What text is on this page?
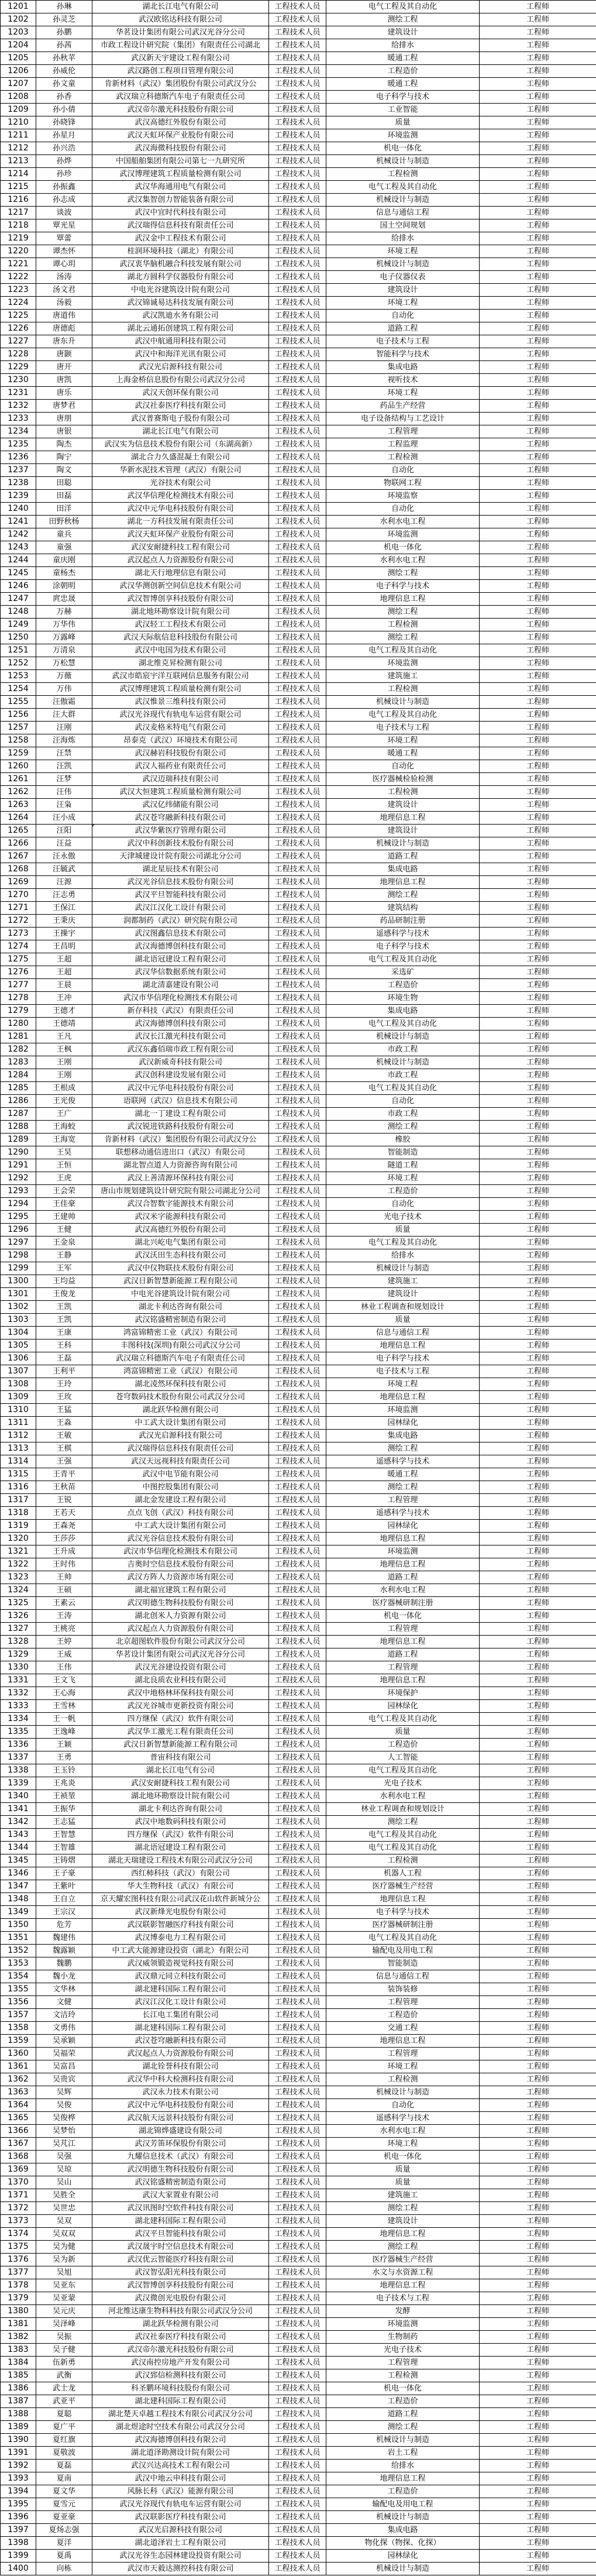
1201	孙琳	湖北长江电气有限公司	工程技术人员	电气工程及其自动化	工程师
1202	孙灵芝	武汉欧铭达科技有限公司	工程技术人员	测绘工程	工程师
1203	孙鹏	华茗设计集团有限公司武汉光谷分公司	工程技术人员	建筑设计	工程师
1204	孙茜	市政工程设计研究院（集团）有限责任公司湖北	工程技术人员	给排水	工程师
1205	孙秋苹	武汉新天宇建设工程有限公司	工程技术人员	暖通工程	工程师
1206	孙威伦	武汉路创工程项目管理有限公司	工程技术人员	工程造价	工程师
1207	孙文童	肯新材料（武汉）集团股份有限公司武汉分公	工程技术人员	暖通工程	工程师
1208	孙香	武汉瑞立科德斯汽车电子有限责任公司	工程技术人员	电子科学与技术	工程师
1209	孙小倩	武汉帝尔激光科技股份有限公司	工程技术人员	工业智能	工程师
1210	孙晓锋	武汉高德红外股份有限公司	工程技术人员	质量	工程师
1211	孙星月	武汉天虹环保产业股份有限公司	工程技术人员	环境监测	工程师
1212	孙兴浩	武汉海微科技股份有限公司	工程技术人员	机电一体化	工程师
1213	孙烨	中国船舶集团有限公司第七一九研究所	工程技术人员	机械设计与制造	工程师
1214	孙珍	武汉博理建筑工程质量检测有限公司	工程技术人员	工程检测	工程师
1215	孙振鑫	武汉华海通用电气有限公司	工程技术人员	电气工程及其自动化	工程师
1216	孙志成	武汉集智创力智能装备有限公司	工程技术人员	机械设计与制造	工程师
1217	谈波	武汉中宜时代科技有限公司	工程技术人员	信息与通信工程	工程师
1218	覃光星	武汉瑞得信息科技有限责任公司	工程技术人员	国土空间规划	工程师
1219	覃蕾	武汉金中工程技术有限公司	工程技术人员	给排水	工程师
1220	谭杰怀	桂润环境科技（湖北）有限公司	工程技术人员	环境工程	工程师
1221	谭心玥	武汉衷华脑机融合科技发展有限公司	工程技术人员	机械设计与制造	工程师
1222	汤涛	湖北方圆科学仪器股份有限公司	工程技术人员	电子仪器仪表	工程师
1223	汤文君	中电光谷建筑设计院有限公司	工程技术人员	建筑设计	工程师
1224	汤毅	武汉锦诚易达科技发展有限公司	工程技术人员	环境工程	工程师
1225	唐道伟	武汉凯迪水务有限公司	工程技术人员	自动化	工程师
1226	唐德彪	湖北云通拓创建筑工程有限公司	工程技术人员	道路工程	工程师
1227	唐东升	武汉中航通用科技有限公司	工程技术人员	电子技术与工程	工程师
1228	唐颢	武汉中和海洋光讯有限公司	工程技术人员	智能科学与技术	工程师
1229	唐开	武汉光启源科技有限公司	工程技术人员	集成电路	工程师
1230	唐凯	上海金桥信息股份有限公司武汉分公司	工程技术人员	视听技术	工程师
1231	唐乐	武汉天创环保有限公司	工程技术人员	环境工程	工程师
1232	唐梦君	武汉社泰医疗科技有限公司	工程技术人员	药品生产经营	工程师
1233	唐朋	武汉普赛斯电子股份有限公司	工程技术人员	电子设备结构与工艺设计	工程师
1234	唐银	湖北长江电气有限公司	工程技术人员	工程管理	工程师
1235	陶杰	武汉实为信息技术股份有限公司（东湖高新）	工程技术人员	工程监理	工程师
1236	陶宁	湖北合力久盛混凝土有限公司	工程技术人员	工程检测	工程师
1237	陶文	华新水泥技术管理（武汉）有限公司	工程技术人员	自动化	工程师
1238	田聪	光谷技术有限公司	工程技术人员	物联网工程	工程师
1239	田磊	武汉华信理化检测技术有限公司	工程技术人员	环境监察	工程师
1240	田洋	武汉中元华电科技股份有限公司	工程技术人员	自动化	工程师
1241	田野秋杨	湖北一方科技发展有限责任公司	工程技术人员	水利水电工程	工程师
1242	童兵	武汉天虹环保产业股份有限公司	工程技术人员	环境监测	工程师
1243	童强	武汉安耐捷科技工程有限公司	工程技术人员	机电一体化	工程师
1244	童庆刚	武汉起点人力资源股份有限公司	工程技术人员	水利水电工程	工程师
1245	童杨杰	湖北天行地理信息有限公司	工程技术人员	测绘工程	工程师
1246	涂朝明	武汉华测创新空间信息技术有限公司	工程技术人员	电子科学与技术	工程师
1247	庹忠晟	武汉智博创享科技股份有限公司	工程技术人员	地理信息工程	工程师
1248	万赫	湖北地环勘察设计院有限公司	工程技术人员	测绘工程	工程师
1249	万华伟	武汉轻工工程技术有限公司	工程技术人员	工程检测	工程师
1250	万露峰	武汉天际航信息科技股份有限公司	工程技术人员	测绘工程	工程师
1251	万清泉	武汉中电国为技术有限公司	工程技术人员	电气工程及其自动化	工程师
1252	万松慧	湖北维克昇检测有限公司	工程技术人员	环境监测	工程师
1253	万薇	武汉市皓宸宇洋互联网信息服务有限公司	工程技术人员	建筑施工	工程师
1254	万伟	武汉博理建筑工程质量检测有限公司	工程技术人员	工程检测	工程师
1255	汪傲霜	武汉惟景三维科技有限公司	工程技术人员	机械设计与制造	工程师
1256	汪大群	武汉光谷现代有轨电车运营有限公司	工程技术人员	电气工程及其自动化	工程师
1257	汪刚	武汉麦格米特电气有限公司	工程技术人员	电子技术与工程	工程师
1258	汪海炼	昂泰克（武汉）环境技术有限公司	工程技术人员	环境工程	工程师
1259	汪禁	武汉赫岩科技股份有限公司	工程技术人员	暖通工程	工程师
1260	汪凯	武汉人福药业有限责任公司	工程技术人员	自动化	工程师
1261	汪梦	武汉迈瑞科技有限公司	工程技术人员	医疗器械检验检测	工程师
1262	汪伟	武汉大恒建筑工程质量检测有限公司	工程技术人员	工程检测	工程师
1263	汪枭	武汉亿纬储能有限公司	工程技术人员	建筑设计	工程师
1264	汪小成	武汉苍穹融新科技有限公司	工程技术人员	地理信息工程	工程师
1265	汪阳	武汉华紫医疗管理有限公司	工程技术人员	建筑设计	工程师
1266	汪益	武汉中科创新技术股份有限公司	工程技术人员	机械设计与制造	工程师
1267	汪永傲	天津城建设计院有限公司湖北分公司	工程技术人员	道路工程	工程师
1268	汪毓武	湖北星辰技术有限公司	工程技术人员	集成电路	工程师
1269	汪源	武汉光谷信息技术股份有限公司	工程技术人员	地理信息工程	工程师
1270	汪志勇	武汉平旦智能科技有限公司	工程技术人员	测绘工程	工程师
1271	王保江	武汉江汉化工设计有限公司	工程技术人员	建筑结构	工程师
1272	王秉庆	润都制药（武汉）研究院有限公司	工程技术人员	药品研制注册	工程师
1273	王操宇	武汉图鑫信息技术有限公司	工程技术人员	遥感科学与技术	工程师
1274	王昌明	武汉海德博创科技有限公司	工程技术人员	电子科学与技术	工程师
1275	王超	湖北语冠建设工程有限公司	工程技术人员	电气工程及其自动化	工程师
1276	王超	武汉华信数据系统有限公司	工程技术人员	采选矿	工程师
1277	王晨	湖北清嘉建设有限公司	工程技术人员	工程造价	工程师
1278	王冲	武汉市华信理化检测技术有限公司	工程技术人员	环境生物	工程师
1279	王德才	新存科技（武汉）有限责任公司	工程技术人员	集成电路	工程师
1280	王德靖	武汉海德博创科技有限公司	工程技术人员	电气工程及其自动化	工程师
1281	王凡	武汉长江激光科技有限公司	工程技术人员	机械设计与制造	工程师
1282	王枫	武汉东鑫佰瑞市政工程有限公司	工程技术人员	市政工程	工程师
1283	王刚	武汉新威奇科技有限公司	工程技术人员	机械设计与制造	工程师
1284	王刚	武汉创科建设发展有限公司	工程技术人员	市政工程	工程师
1285	王根成	武汉中元华电科技股份有限公司	工程技术人员	电气工程及其自动化	工程师
1286	王光俊	语联网（武汉）信息技术有限公司	工程技术人员	自动化	工程师
1287	王广	湖北一丁建设工程有限公司	工程技术人员	市政工程	工程师
1288	王海蛟	武汉锐进铁路科技股份有限公司	工程技术人员	测绘工程	工程师
1289	王海宽	肯新材料（武汉）集团股份有限公司武汉分公	工程技术人员	橡胶	工程师
1290	王昊	联想移动通信进出口（武汉）有限公司	工程技术人员	智能制造	工程师
1291	王恒	湖北智点道人力资源咨询有限公司	工程技术人员	隧道工程	工程师
1292	王虎	武汉上善清源环保科技有限公司	工程技术人员	环境工程	工程师
1293	王会荣	唐山市规划建筑设计研究院有限公司湖北分公司	工程技术人员	工程造价	工程师
1294	王佳豪	武汉合智数字能源技术有限公司	工程技术人员	自动化	工程师
1295	王建帅	武汉米字能源科技有限公司	工程技术人员	光电子技术	工程师
1296	王健	武汉高德红外股份有限公司	工程技术人员	质量	工程师
1297	王金泉	湖北兴屹电气集团有限公司	工程技术人员	电气工程及其自动化	工程师
1298	王静	武汉沃田生态科技有限公司	工程技术人员	给排水	工程师
1299	王军	武汉中仪物联技术股份有限公司	工程技术人员	机械设计与制造	工程师
1300	王均益	武汉日新智慧新能源工程有限公司	工程技术人员	建筑施工	工程师
1301	王俊龙	中电光谷建筑设计院有限公司	工程技术人员	建筑设计	工程师
1302	王凯	湖北卡利达咨询有限公司	工程技术人员	林业工程调查和规划设计	工程师
1303	王凯	武汉铭盛精密制造有限公司	工程技术人员	质量	工程师
1304	王康	鸿富锦精密工业（武汉）有限公司	工程技术人员	信息与通信工程	工程师
1305	王科	丰图科技(深圳)有限公司武汉分公司	工程技术人员	地理信息工程	工程师
1306	王磊	武汉瑞立科德斯汽车电子有限责任公司	工程技术人员	电子科学与技术	工程师
1307	王利平	鸿富锦精密工业（武汉）有限公司	工程技术人员	电子技术与工程	工程师
1308	王玲	湖北凌然环保科技有限公司	工程技术人员	环境工程	工程师
1309	王玫	苍穹数码技术股份有限公司武汉分公司	工程技术人员	地理信息工程	工程师
1310	王猛	湖北跃华检测有限公司	工程技术人员	环境监测	工程师
1311	王淼	中工武大设计集团有限公司	工程技术人员	园林绿化	工程师
1312	王敏	武汉光启源科技有限公司	工程技术人员	集成电路	工程师
1313	王棋	武汉瑞得信息科技有限责任公司	工程技术人员	测绘工程	工程师
1314	王强	武汉天远视科技有限责任公司	工程技术人员	遥感科学与技术	工程师
1315	王青平	武汉中电节能有限公司	工程技术人员	暖通工程	工程师
1316	王秋苗	中图控股集团有限公司	工程技术人员	测绘工程	工程师
1317	王锐	湖北金发建设工程有限公司	工程技术人员	工程管理	工程师
1318	王若天	点点飞创（武汉）科技有限公司	工程技术人员	遥感科学与技术	工程师
1319	王森尧	中工武大设计集团有限公司	工程技术人员	园林绿化	工程师
1320	王莎莎	武汉光谷信息技术股份有限公司	工程技术人员	地理信息工程	工程师
1321	王升成	武汉市华信理化检测技术有限公司	工程技术人员	环境监测	工程师
1322	王时伟	吉奥时空信息技术股份有限公司	工程技术人员	地理信息工程	工程师
1323	王帅	武汉方阵人力资源市场有限公司	工程技术人员	道路工程	工程师
1324	王硕	湖北福宜建筑工程有限公司	工程技术人员	水利水电工程	工程师
1325	王素云	武汉明德生物科技股份有限公司	工程技术人员	医疗器械研制注册	工程师
1326	王涛	湖北创米人力资源有限公司	工程技术人员	机电一体化	工程师
1327	王桃亮	武汉起点人力资源股份有限公司	工程技术人员	工程管理	工程师
1328	王婷	北京超图软件股份有限公司武汉分公司	工程技术人员	地理信息工程	工程师
1329	王威	华茗设计集团有限公司武汉光谷分公司	工程技术人员	道路工程	工程师
1330	王伟	武汉光谷建设投资有限公司	工程技术人员	工程管理	工程师
1331	王文飞	湖北良质农业科技有限公司	工程技术人员	地理信息工程	工程师
1332	王心海	武汉中地格林环保科技有限公司	工程技术人员	环境保护	工程师
1333	王雪林	武汉光谷城市更新投资有限公司	工程技术人员	园林绿化	工程师
1334	王一帆	四方继保（武汉）软件有限公司	工程技术人员	电气工程及其自动化	工程师
1335	王逸峰	武汉华工激光工程有限责任公司	工程技术人员	质量	工程师
1336	王颖	武汉日新智慧新能源工程有限公司	工程技术人员	工程造价	工程师
1337	王勇	普宙科技有限公司	工程技术人员	人工智能	工程师
1338	王玉铃	湖北长江电气有公司	工程技术人员	电气工程及其自动化	工程师
1339	王兆炎	武汉安耐捷科技工程有限公司	工程技术人员	光电子技术	工程师
1340	王祯堃	湖北地环勘察设计院有限公司	工程技术人员	水利水电工程	工程师
1341	王振华	湖北卡利达咨询有限公司	工程技术人员	林业工程调查和规划设计	工程师
1342	王志猛	武汉中地数码科技有限公司	工程技术人员	测绘工程	工程师
1343	王智慧	四方继保（武汉）软件有限公司	工程技术人员	电气工程及其自动化	工程师
1344	王智雄	湖北语冠建设工程有限公司	工程技术人员	电气工程及其自动化	工程师
1345	王铸熠	湖北天瑞建设工程技术有限公司武汉分公司	工程技术人员	工程检测	工程师
1346	王子豪	西红柿科技（武汉）有限公司	工程技术人员	机器人工程	工程师
1347	王紫叶	华大生物科技（武汉）有限公司	工程技术人员	医疗器械生产经营	工程师
1348	王自立	京天耀宏图科技有限公司武汉花山软件新城分公	工程技术人员	地理信息工程	工程师
1349	王宗汉	武汉新烽光电股份有限公司	工程技术人员	电子科学与技术	工程师
1350	危芳	武汉联影智融医疗科技有限公司	工程技术人员	医疗器械研制注册	工程师
1351	魏建伟	武汉博泰电力工程有限公司	工程技术人员	电气工程及其自动化	工程师
1352	魏露颖	中工武大能源建设投资（湖北）有限公司	工程技术人员	输配电及用电工程	工程师
1353	魏鹏	武汉威领锻造视觉科技有限公司	工程技术人员	智能制造	工程师
1354	魏小龙	武汉鼎元同立科技有限公司	工程技术人员	信息与通信工程	工程师
1355	文华林	湖北建科国际工程有限公司	工程技术人员	装饰装修	工程师
1356	文健	武汉江汉化工设计有限公司	工程技术人员	工程管理	工程师
1357	文洁玲	长江电工集团有限公司	工程技术人员	工程造价	工程师
1358	文勇伟	湖北建科国际工程有限公司	工程技术人员	交通工程	工程师
1359	吴承颖	武汉苍穹融新科技有限公司	工程技术人员	地理信息工程	工程师
1360	吴福荣	武汉起点人力资源股份有限公司	工程技术人员	工程管理	工程师
1361	吴富昌	湖北铨誉科技有限公司	工程技术人员	环境工程	工程师
1362	吴贵宾	武汉华中科大检测科技有限公司	工程技术人员	工程检测	工程师
1363	吴辉	武汉永力技术有限公司	工程技术人员	机械设计与制造	工程师
1364	吴俊	武汉中元华电科技股份有限公司	工程技术人员	自动化	工程师
1365	吴俊桦	武汉航天远景科技股份有限公司	工程技术人员	遥感科学与技术	工程师
1366	吴梦怡	湖北锦烨盛建设有限公司	工程技术人员	水利水电工程	工程师
1367	吴芃江	武汉芳笛环保股份有限公司	工程技术人员	环境工程	工程师
1368	吴强	九耀信息技术（武汉）有限公司	工程技术人员	机电一体化	工程师
1369	吴琼	武汉明德生物科技股份有限公司	工程技术人员	质量	工程师
1370	吴山	武汉铭盛精密制造有限公司	工程技术人员	质量	工程师
1371	吴胜全	武汉大家置业有限公司	工程技术人员	建筑施工	工程师
1372	吴世忠	武汉讯图时空软件科技有限公司	工程技术人员	测绘工程	工程师
1373	吴双	湖北建科国际工程有限公司	工程技术人员	建筑设计	工程师
1374	吴双双	武汉平旦智能科技有限公司	工程技术人员	地理信息工程	工程师
1375	吴为健	武汉晟宇时空信息技术有限公司	工程技术人员	测绘工程	工程师
1376	吴为新	武汉优云智能医疗科技有限公司	工程技术人员	医疗器械生产经营	工程师
1377	吴旭	武汉智弘阳光科技有限公司	工程技术人员	水文与水资源工程	工程师
1378	吴亚东	武汉智博创享科技股份有限公司	工程技术人员	地理信息工程	工程师
1379	吴亚蒙	武汉微创光电股份有限公司	工程技术人员	电子技术与工程	工程师
1380	吴元庆	河北维达康生物科科技有限公司武汉分公司	工程技术人员	发酵	工程师
1381	吴泽峰	湖北跃华检测有限公司	工程技术人员	环境监测	工程师
1382	吴振	武汉社泰医疗科技有限公司	工程技术人员	生物制药	工程师
1383	吴子健	武汉帝尔激光科技股份有限公司	工程技术人员	光电子技术	工程师
1384	伍新勇	武汉南控房地产开发有限公司	工程技术人员	工程管理	工程师
1385	武衡	武汉郅信检测科技有限公司	工程技术人员	工程检测	工程师
1386	武士龙	科圣鹏环境科技股份有限公司	工程技术人员	机电一体化	工程师
1387	武亚平	湖北建科国际工程有限公司	工程技术人员	工程造价	工程师
1388	夏聪	湖北楚天卓越工程技术有限公司武汉分公司	工程技术人员	道路工程	工程师
1389	夏广平	湖北煜途时空技术有限公司武汉分公司	工程技术人员	测绘工程	工程师
1390	夏红旗	武汉海德博创科技有限公司	工程技术人员	机械设计与制造	工程师
1391	夏敬波	湖北道泽勘测设计院有限公司	工程技术人员	岩土工程	工程师
1392	夏磊	武汉兴达高技术工程有限公司	工程技术人员	给排水	工程师
1393	夏南	武汉中地云申科技有限公司	工程技术人员	地理信息工程	工程师
1394	夏文华	风脉长科（武汉）能源有限公司	工程技术人员	工程造价	工程师
1395	夏雪元	武汉光谷现代有轨电车运营有限公司	工程技术人员	输配电及用电工程	工程师
1396	夏亚豪	武汉联影医疗科技有限公司	工程技术人员	机械设计与制造	工程师
1397	夏炀志强	武汉光启源科技有限公司	工程技术人员	集成电路	工程师
1398	夏洋	湖北道泽岩土工程有限公司	工程技术人员	物化探（物探、化探）	工程师
1399	夏禹	武汉光谷生态园林建设投资有限公司	工程技术人员	园林绿化	工程师
1400	向栋	武汉市天毅达测控科技有限公司	工程技术人员	机械设计与制造	工程师
